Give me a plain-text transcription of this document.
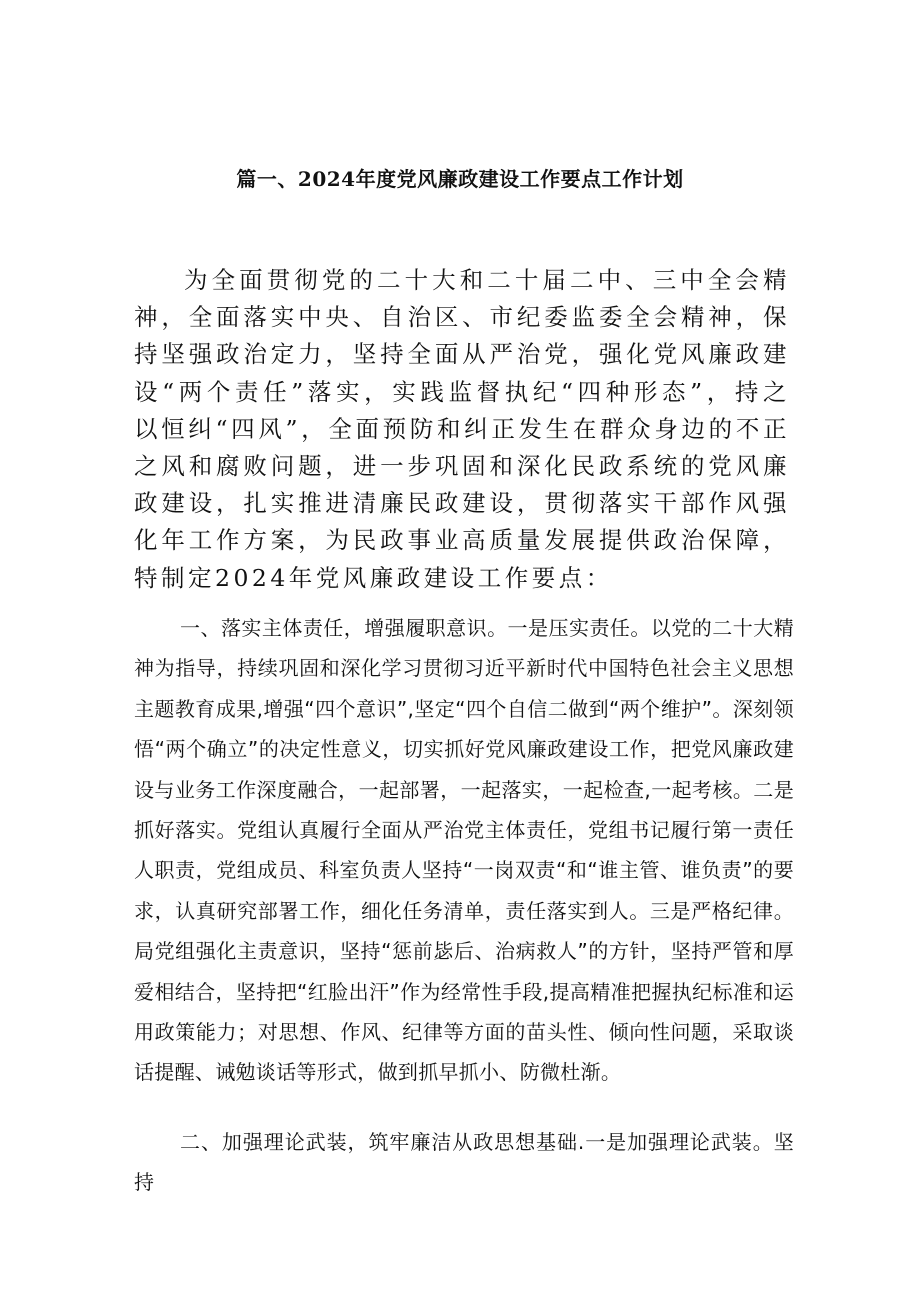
篇一、2024年度党风廉政建设工作要点工作计划

为全面贯彻党的二十大和二十届二中、三中全会精神，全面落实中央、自治区、市纪委监委全会精神，保持坚强政治定力，坚持全面从严治党，强化党风廉政建设“两个责任”落实，实践监督执纪“四种形态”，持之以恒纠“四风”，全面预防和纠正发生在群众身边的不正之风和腐败问题，进一步巩固和深化民政系统的党风廉政建设，扎实推进清廉民政建设，贯彻落实干部作风强化年工作方案，为民政事业高质量发展提供政治保障，特制定2024年党风廉政建设工作要点：

一、落实主体责任，增强履职意识。一是压实责任。以党的二十大精神为指导，持续巩固和深化学习贯彻习近平新时代中国特色社会主义思想主题教育成果,增强“四个意识”,坚定“四个自信二做到“两个维护”。深刻领悟“两个确立”的决定性意义，切实抓好党风廉政建设工作，把党风廉政建设与业务工作深度融合，一起部署，一起落实，一起检查,一起考核。二是抓好落实。党组认真履行全面从严治党主体责任，党组书记履行第一责任人职责，党组成员、科室负责人坚持“一岗双责“和“谁主管、谁负责”的要求，认真研究部署工作，细化任务清单，责任落实到人。三是严格纪律。局党组强化主责意识，坚持“惩前毖后、治病救人”的方针，坚持严管和厚爱相结合，坚持把“红脸出汗”作为经常性手段,提高精准把握执纪标准和运用政策能力；对思想、作风、纪律等方面的苗头性、倾向性问题，采取谈话提醒、诫勉谈话等形式，做到抓早抓小、防微杜渐。

二、加强理论武装，筑牢廉洁从政思想基础.一是加强理论武装。坚持
